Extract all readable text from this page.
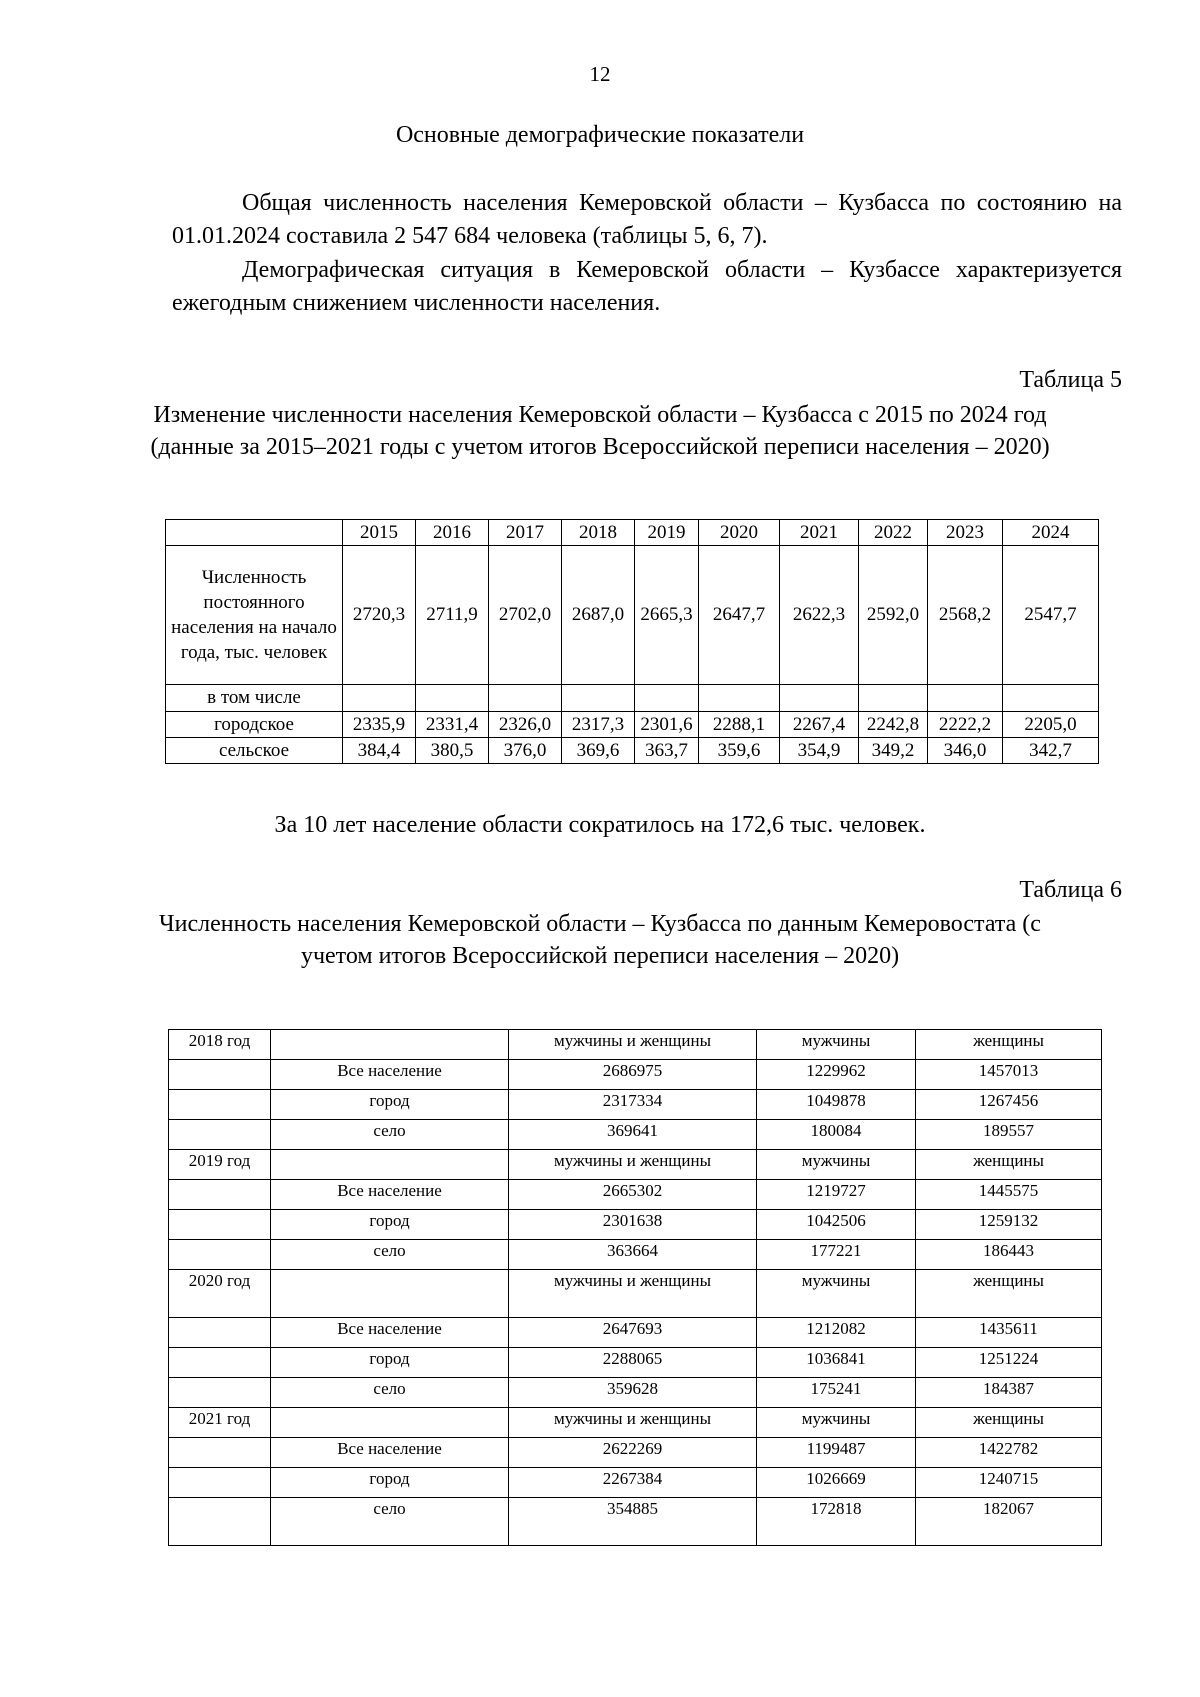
12
Основные демографические показатели

Общая численность населения Кемеровской области – Кузбасса по состоянию на 01.01.2024 составила 2 547 684 человека (таблицы 5, 6, 7).

Демографическая ситуация в Кемеровской области – Кузбассе характеризуется ежегодным снижением численности населения.

Таблица 5
Изменение численности населения Кемеровской области – Кузбасса с 2015 по 2024 год (данные за 2015–2021 годы с учетом итогов Всероссийской переписи населения – 2020)
	2015	2016	2017	2018	2019	2020	2021	2022	2023	2024
Численность постоянного населения на начало года, тыс. человек	2720,3	2711,9	2702,0	2687,0	2665,3	2647,7	2622,3	2592,0	2568,2	2547,7
в том числе										
городское	2335,9	2331,4	2326,0	2317,3	2301,6	2288,1	2267,4	2242,8	2222,2	2205,0
сельское	384,4	380,5	376,0	369,6	363,7	359,6	354,9	349,2	346,0	342,7
За 10 лет население области сократилось на 172,6 тыс. человек.
Таблица 6
Численность населения Кемеровской области – Кузбасса по данным Кемеровостата (с учетом итогов Всероссийской переписи населения – 2020)
2018 год		мужчины и женщины	мужчины	женщины
	Все население	2686975	1229962	1457013
	город	2317334	1049878	1267456
	село	369641	180084	189557
2019 год		мужчины и женщины	мужчины	женщины
	Все население	2665302	1219727	1445575
	город	2301638	1042506	1259132
	село	363664	177221	186443
2020 год		мужчины и женщины	мужчины	женщины
	Все население	2647693	1212082	1435611
	город	2288065	1036841	1251224
	село	359628	175241	184387
2021 год		мужчины и женщины	мужчины	женщины
	Все население	2622269	1199487	1422782
	город	2267384	1026669	1240715
	село	354885	172818	182067
